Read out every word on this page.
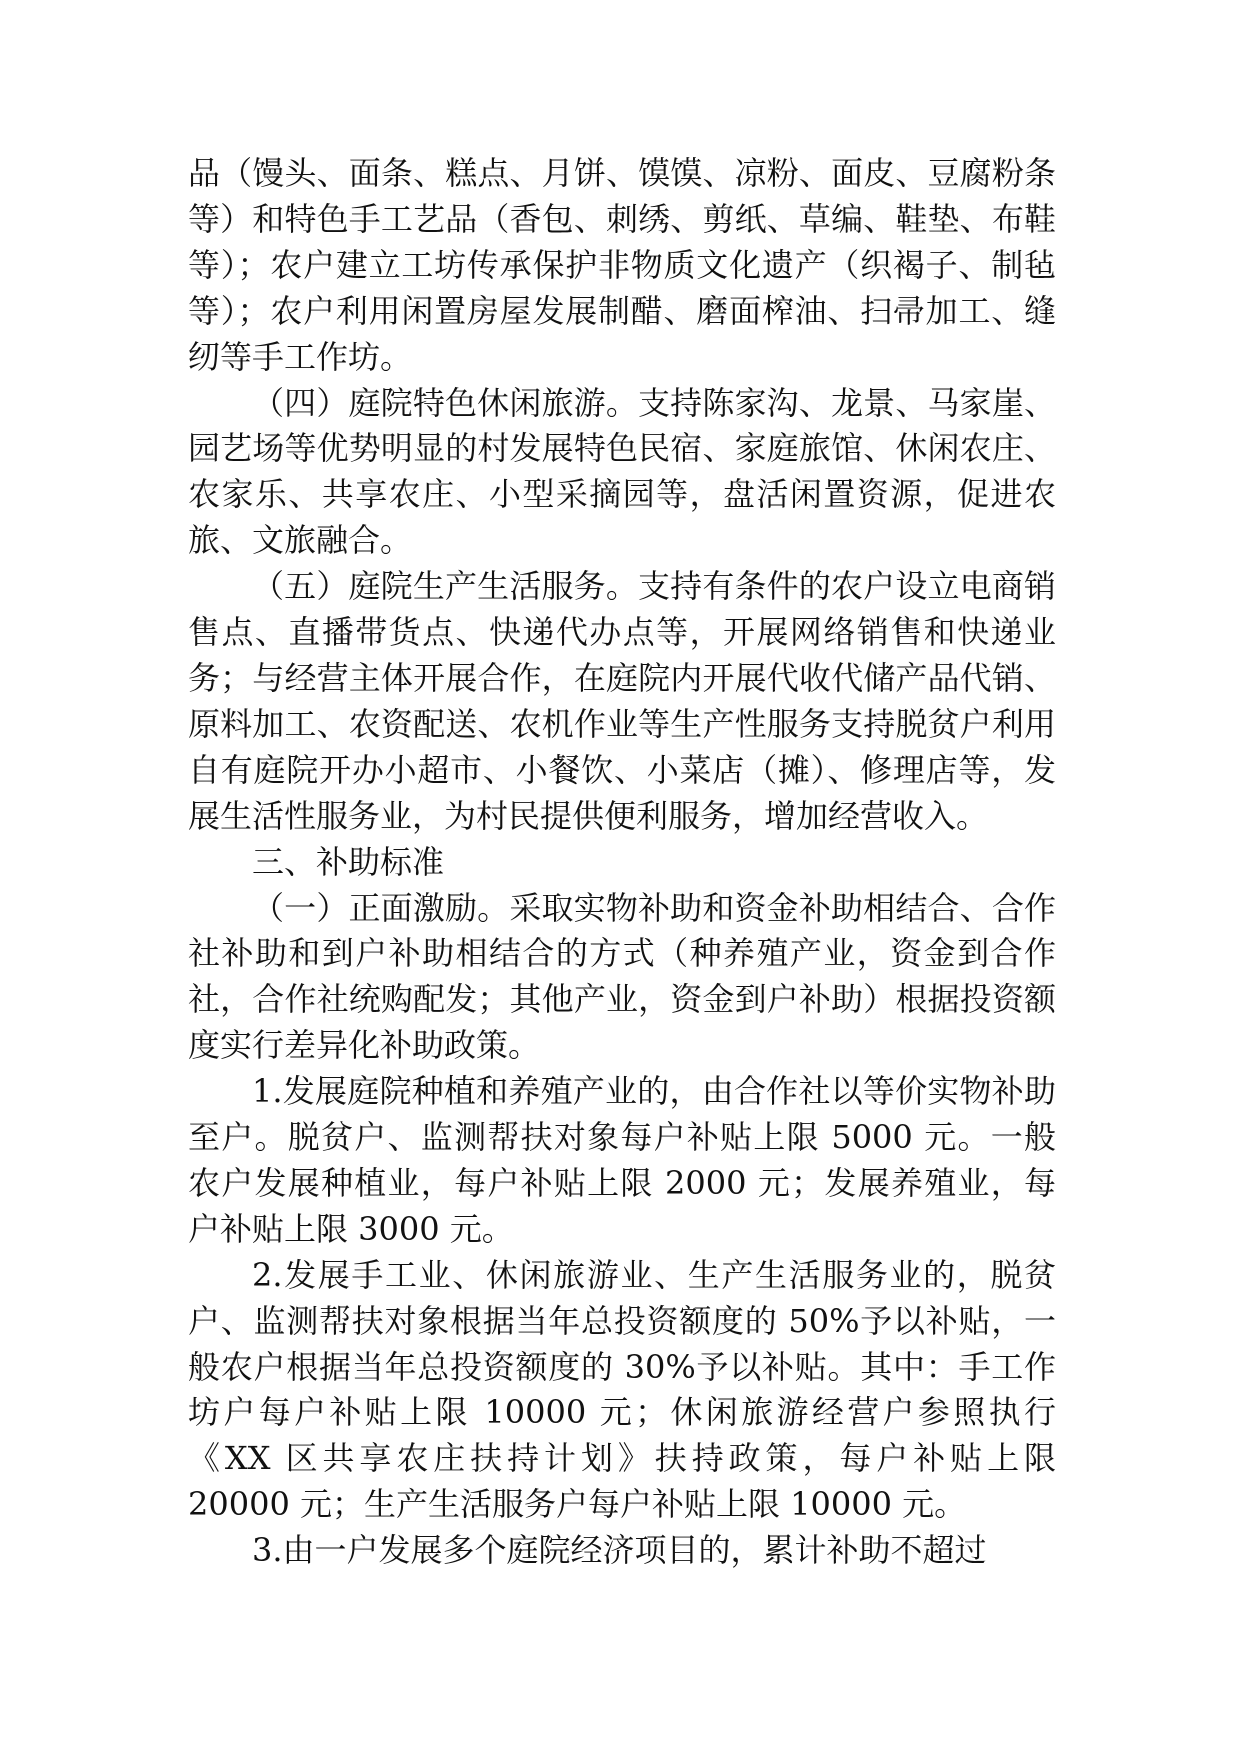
品（馒头、面条、糕点、月饼、馍馍、凉粉、面皮、豆腐粉条等）和特色手工艺品（香包、刺绣、剪纸、草编、鞋垫、布鞋等）；农户建立工坊传承保护非物质文化遗产（织褐子、制毡等）；农户利用闲置房屋发展制醋、磨面榨油、扫帚加工、缝纫等手工作坊。

（四）庭院特色休闲旅游。支持陈家沟、龙景、马家崖、园艺场等优势明显的村发展特色民宿、家庭旅馆、休闲农庄、农家乐、共享农庄、小型采摘园等，盘活闲置资源，促进农旅、文旅融合。

（五）庭院生产生活服务。支持有条件的农户设立电商销售点、直播带货点、快递代办点等，开展网络销售和快递业务；与经营主体开展合作，在庭院内开展代收代储产品代销、原料加工、农资配送、农机作业等生产性服务支持脱贫户利用自有庭院开办小超市、小餐饮、小菜店（摊）、修理店等，发展生活性服务业，为村民提供便利服务，增加经营收入。

三、补助标准

（一）正面激励。采取实物补助和资金补助相结合、合作社补助和到户补助相结合的方式（种养殖产业，资金到合作社，合作社统购配发；其他产业，资金到户补助）根据投资额度实行差异化补助政策。

1.发展庭院种植和养殖产业的，由合作社以等价实物补助至户。脱贫户、监测帮扶对象每户补贴上限 5000 元。一般农户发展种植业，每户补贴上限 2000 元；发展养殖业，每户补贴上限 3000 元。

2.发展手工业、休闲旅游业、生产生活服务业的，脱贫户、监测帮扶对象根据当年总投资额度的 50%予以补贴，一般农户根据当年总投资额度的 30%予以补贴。其中：手工作坊户每户补贴上限 10000 元；休闲旅游经营户参照执行《XX 区共享农庄扶持计划》扶持政策，每户补贴上限 20000 元；生产生活服务户每户补贴上限 10000 元。

3.由一户发展多个庭院经济项目的，累计补助不超过
